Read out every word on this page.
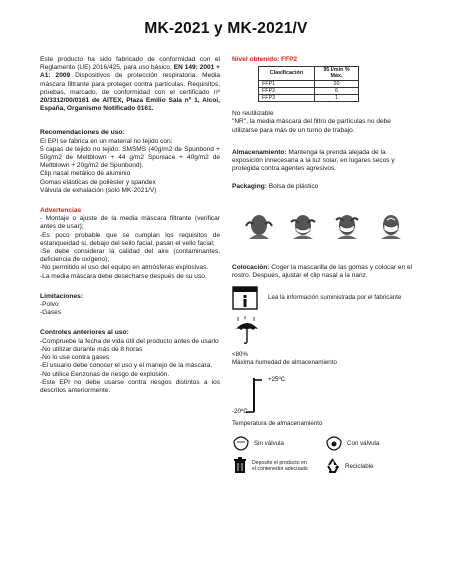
MK-2021 y MK-2021/V
Este producto ha sido fabricado de conformidad con el Reglamento (UE) 2016/425, para uso básico, EN 149: 2001 + A1: 2009 Dispositivos de protección respiratoria. Media máscara filtrante para proteger contra partículas. Requisitos, pruebas, marcado, de conformidad con el certificado nº 20/3312/00/0161 de AITEX, Plaza Emilio Sala nº 1, Alcoi, España, Organismo Notificado 0161.
Recomendaciones de uso:
El EPI se fabrica en un material no tejido con:
5 capas de tejido no tejido: SMSMS (40g/m2 de Spunbond + 50g/m2 de Meltblown + 44 g/m2 Spunlace + 40g/m2 de Meltblown + 20g/m2 de Spunbond).
Clip nasal metálico de aluminio
Gomas elásticas de poliéster y spandex
Válvula de exhalación (solo MK-2021/V)
Advertencias
- Montaje o ajuste de la media máscara filtrante (verificar antes de usar);
-Es poco probable que se cumplan los requisitos de estanqueidad si, debajo del sello facial, pasan el vello facial;
-Se debe considerar la calidad del aire (contaminantes, deficiencia de oxígeno);
-No permitido el uso del equipo en atmósferas explosivas.
-La media máscara debe desecharse después de su uso.
Limitaciones:
-Polvo
-Gases
Controles anteriores al uso:
-Compruebe la fecha de vida útil del producto antes de usarlo
-No utilizar durante más de 8 horas
-No lo use contra gases
-El usuario debe conocer el uso y el manejo de la máscara.
-No utilice Eenzonas de riesgo de explosión.
-Este EPI no debe usarse contra riesgos distintos a los descritos anteriormente.
Nivel obtenido: FFP2
Clasificación	95 l/min % Máx.
FFP1	20
FFP2	6
FFP3	1
No reutilizable
"NR", la media máscara del filtro de partículas no debe utilizarse para más de un turno de trabajo.
Almacenamiento: Mantenga la prenda alejada de la exposición innecesaria a la luz solar, en lugares secos y protegida contra agentes agresivos.
Packaging: Bolsa de plástico
Colocación: Coger la mascarilla de las gomas y colocar en el rostro. Después, ajustar el clip nasal a la nariz.
Lea la información suministrada por el fabricante
<80%
Máxima humedad de almacenamiento
+25ºC
-20ºC
Temperatura de almacenamiento
Sin válvula	Con válvula
Deposite el producto en el contenedor adecuado	Reciclable
